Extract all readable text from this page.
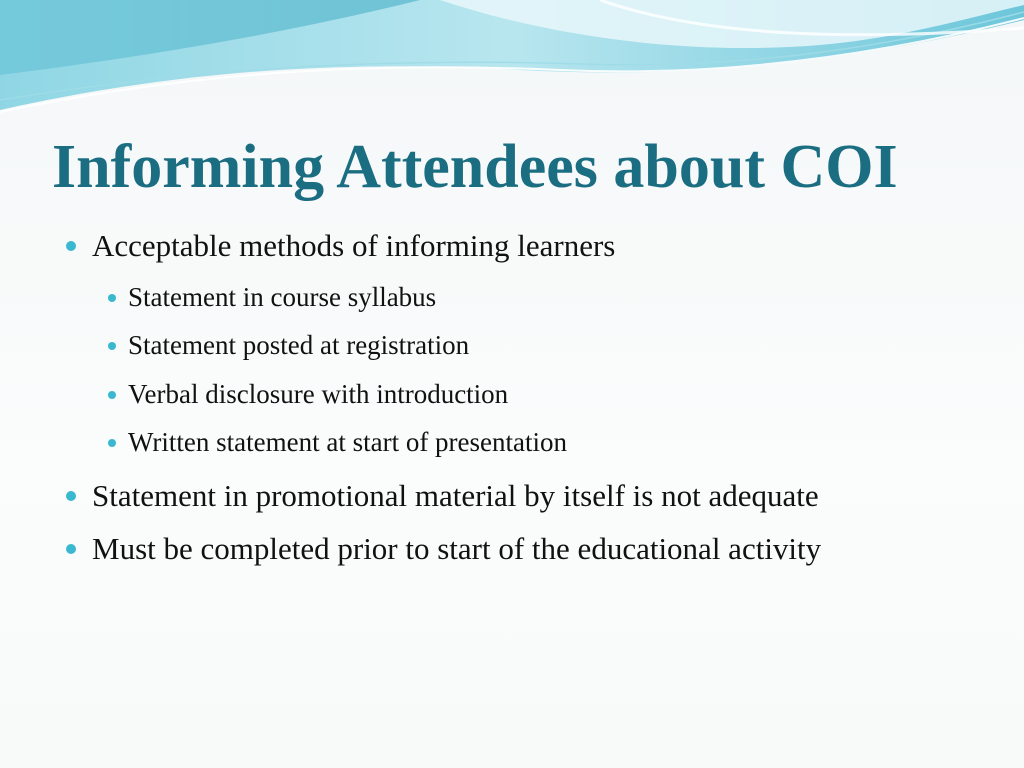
Informing Attendees about COI
Acceptable methods of informing learners
Statement in course syllabus
Statement posted at registration
Verbal disclosure with introduction
Written statement at start of presentation
Statement in promotional material by itself is not adequate
Must be completed prior to start of the educational activity
